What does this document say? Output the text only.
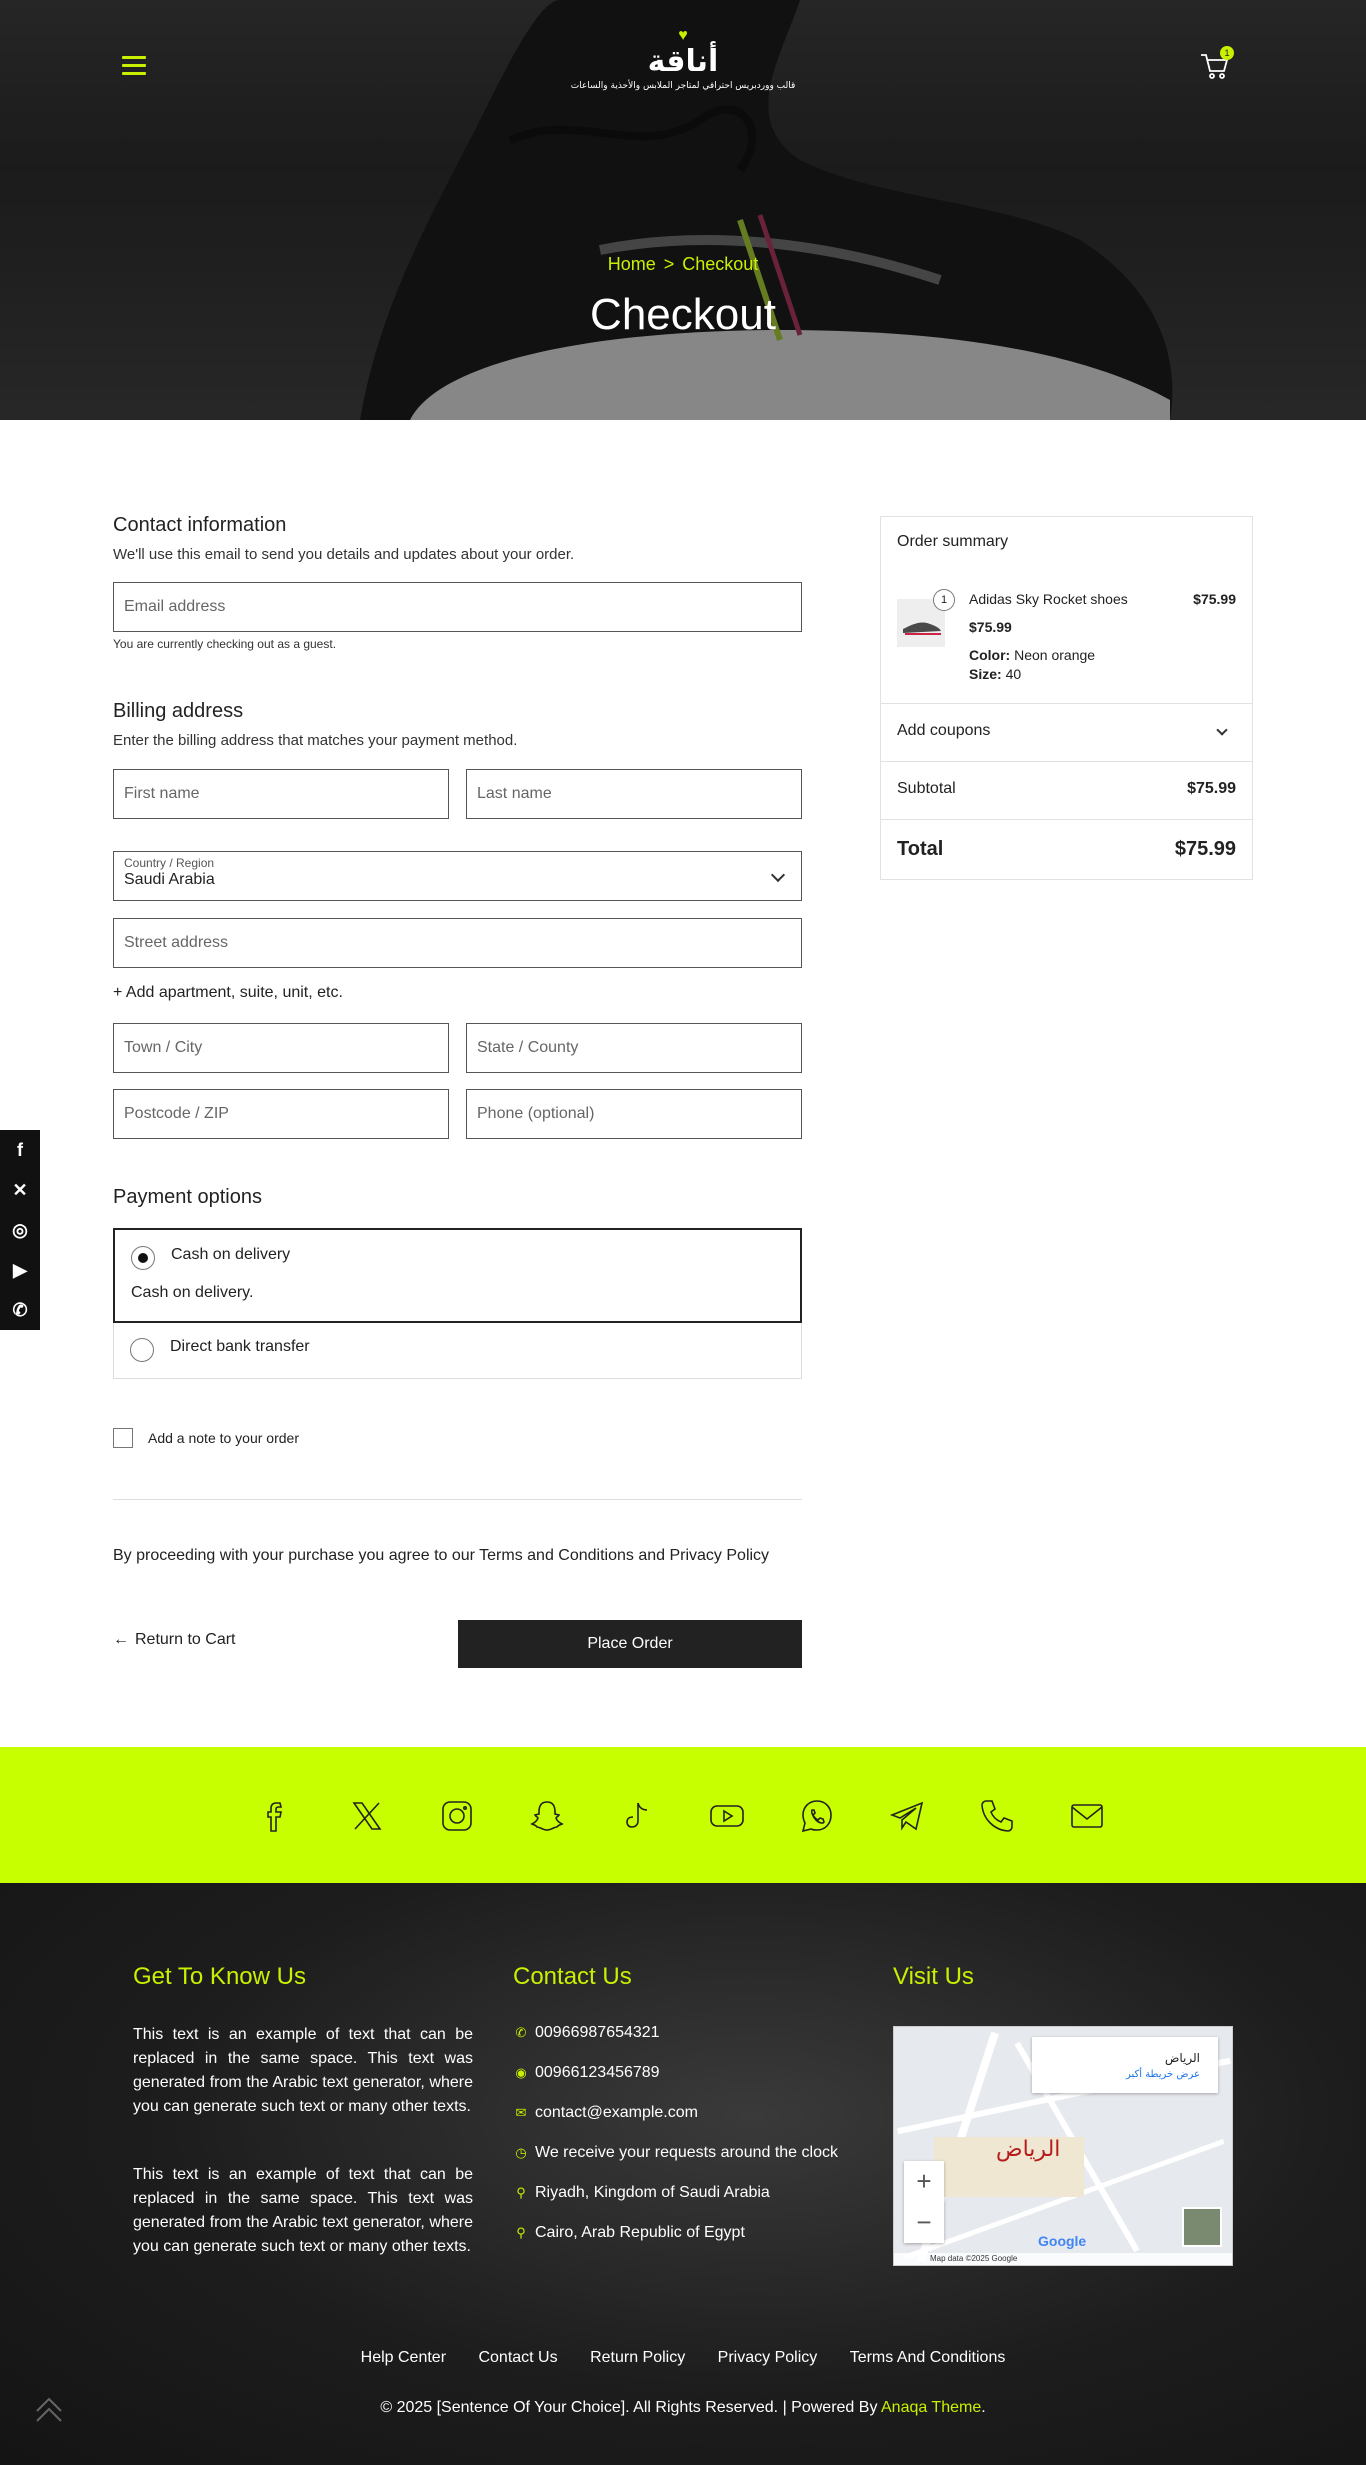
♥
أناقة
قالب ووردبريس احترافي لمتاجر الملابس والأحذية والساعات
1
Home > Checkout
Checkout
f
✕
◎
▶
✆
Contact information
We'll use this email to send you details and updates about your order.
Email address
You are currently checking out as a guest.
Billing address
Enter the billing address that matches your payment method.
First name
Last name
Country / Region
Saudi Arabia
Street address
+ Add apartment, suite, unit, etc.
Town / City
State / County
Postcode / ZIP
Phone (optional)
Payment options
Cash on delivery
Cash on delivery.
Direct bank transfer
Add a note to your order
By proceeding with your purchase you agree to our Terms and Conditions and Privacy Policy
← Return to Cart	Place Order
Order summary
1	Adidas Sky Rocket shoes	$75.99
$75.99
Color: Neon orange
Size: 40
Add coupons
Subtotal	$75.99
Total	$75.99
Get To Know Us
This text is an example of text that can be replaced in the same space. This text was generated from the Arabic text generator, where you can generate such text or many other texts.
This text is an example of text that can be replaced in the same space. This text was generated from the Arabic text generator, where you can generate such text or many other texts.
Contact Us
✆ 00966987654321
◉ 00966123456789
✉ contact@example.com
◷ We receive your requests around the clock
⚲ Riyadh, Kingdom of Saudi Arabia
⚲ Cairo, Arab Republic of Egypt
Visit Us
الرياض
عرض خريطة أكبر
الرياض
+
−
Google
Map data ©2025 Google
Help Center Contact Us Return Policy Privacy Policy Terms And Conditions
© 2025 [Sentence Of Your Choice]. All Rights Reserved. | Powered By Anaqa Theme.
